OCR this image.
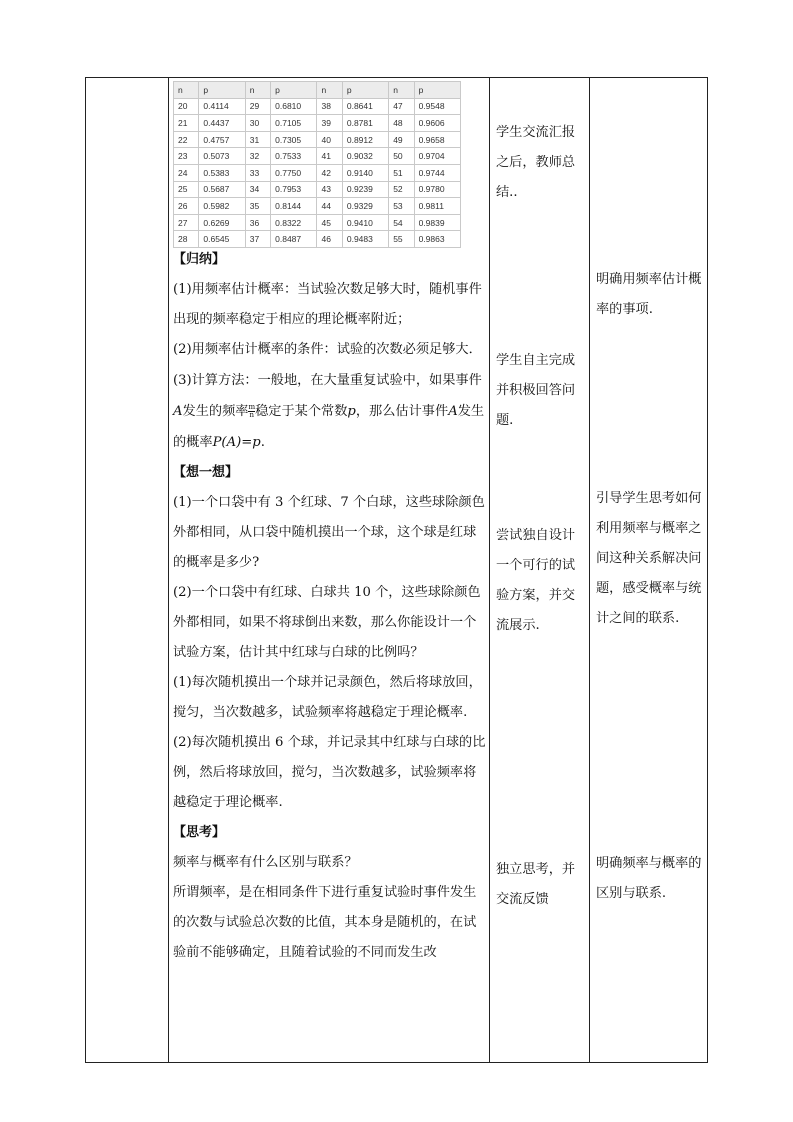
n	p	n	p	n	p	n	p
20	0.4114	29	0.6810	38	0.8641	47	0.9548
21	0.4437	30	0.7105	39	0.8781	48	0.9606
22	0.4757	31	0.7305	40	0.8912	49	0.9658
23	0.5073	32	0.7533	41	0.9032	50	0.9704
24	0.5383	33	0.7750	42	0.9140	51	0.9744
25	0.5687	34	0.7953	43	0.9239	52	0.9780
26	0.5982	35	0.8144	44	0.9329	53	0.9811
27	0.6269	36	0.8322	45	0.9410	54	0.9839
28	0.6545	37	0.8487	46	0.9483	55	0.9863

【归纳】

(1)用频率估计概率：当试验次数足够大时，随机事件出现的频率稳定于相应的理论概率附近；

(2)用频率估计概率的条件：试验的次数必须足够大．

(3)计算方法：一般地，在大量重复试验中，如果事件A发生的频率 $\frac{m}{n}$ 稳定于某个常数p，那么估计事件A发生的概率P(A)=p.

【想一想】

(1)一个口袋中有 3 个红球、7 个白球，这些球除颜色外都相同，从口袋中随机摸出一个球，这个球是红球的概率是多少?

(2)一个口袋中有红球、白球共 10 个，这些球除颜色外都相同，如果不将球倒出来数，那么你能设计一个试验方案，估计其中红球与白球的比例吗？

(1)每次随机摸出一个球并记录颜色，然后将球放回，搅匀，当次数越多，试验频率将越稳定于理论概率.

(2)每次随机摸出 6 个球，并记录其中红球与白球的比例，然后将球放回，搅匀，当次数越多，试验频率将越稳定于理论概率.

【思考】

频率与概率有什么区别与联系？

所谓频率，是在相同条件下进行重复试验时事件发生的次数与试验总次数的比值，其本身是随机的，在试验前不能够确定，且随着试验的不同而发生改

学生交流汇报之后，教师总结..
学生自主完成并积极回答问题.
尝试独自设计一个可行的试验方案，并交流展示.
独立思考，并交流反馈
明确用频率估计概率的事项.
引导学生思考如何利用频率与概率之间这种关系解决问题，感受概率与统计之间的联系.
明确频率与概率的区别与联系.
